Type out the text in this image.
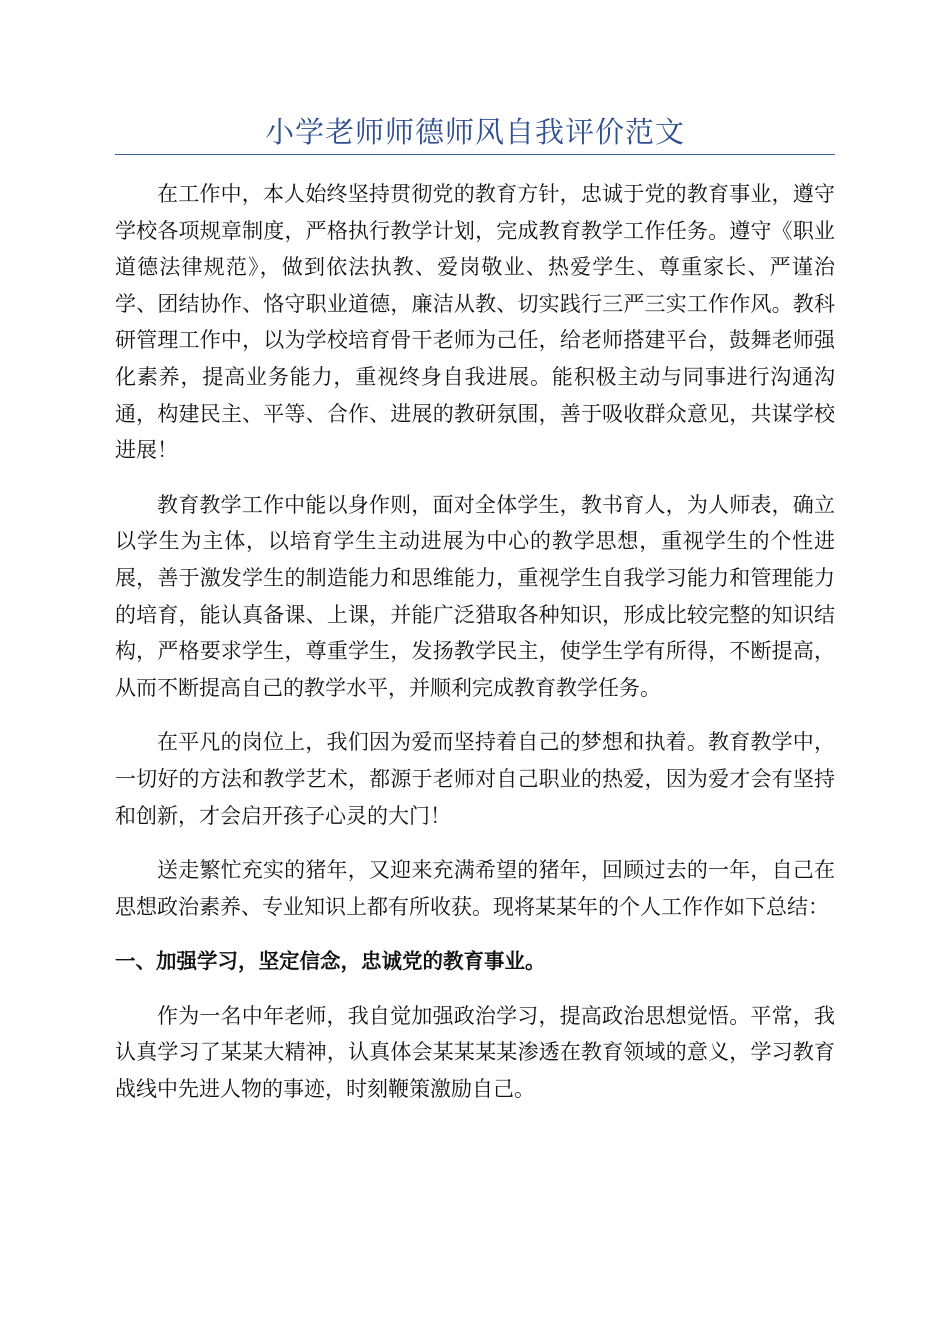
小学老师师德师风自我评价范文

在工作中，本人始终坚持贯彻党的教育方针，忠诚于党的教育事业，遵守学校各项规章制度，严格执行教学计划，完成教育教学工作任务。遵守《职业道德法律规范》，做到依法执教、爱岗敬业、热爱学生、尊重家长、严谨治学、团结协作、恪守职业道德，廉洁从教、切实践行三严三实工作作风。教科研管理工作中，以为学校培育骨干老师为己任，给老师搭建平台，鼓舞老师强化素养，提高业务能力，重视终身自我进展。能积极主动与同事进行沟通沟通，构建民主、平等、合作、进展的教研氛围，善于吸收群众意见，共谋学校进展！

教育教学工作中能以身作则，面对全体学生，教书育人，为人师表，确立以学生为主体，以培育学生主动进展为中心的教学思想，重视学生的个性进展，善于激发学生的制造能力和思维能力，重视学生自我学习能力和管理能力的培育，能认真备课、上课，并能广泛猎取各种知识，形成比较完整的知识结构，严格要求学生，尊重学生，发扬教学民主，使学生学有所得，不断提高，从而不断提高自己的教学水平，并顺利完成教育教学任务。

在平凡的岗位上，我们因为爱而坚持着自己的梦想和执着。教育教学中，一切好的方法和教学艺术，都源于老师对自己职业的热爱，因为爱才会有坚持和创新，才会启开孩子心灵的大门！

送走繁忙充实的猪年，又迎来充满希望的猪年，回顾过去的一年，自己在思想政治素养、专业知识上都有所收获。现将某某年的个人工作作如下总结：

一、加强学习，坚定信念，忠诚党的教育事业。

作为一名中年老师，我自觉加强政治学习，提高政治思想觉悟。平常，我认真学习了某某大精神，认真体会某某某某渗透在教育领域的意义，学习教育战线中先进人物的事迹，时刻鞭策激励自己。
